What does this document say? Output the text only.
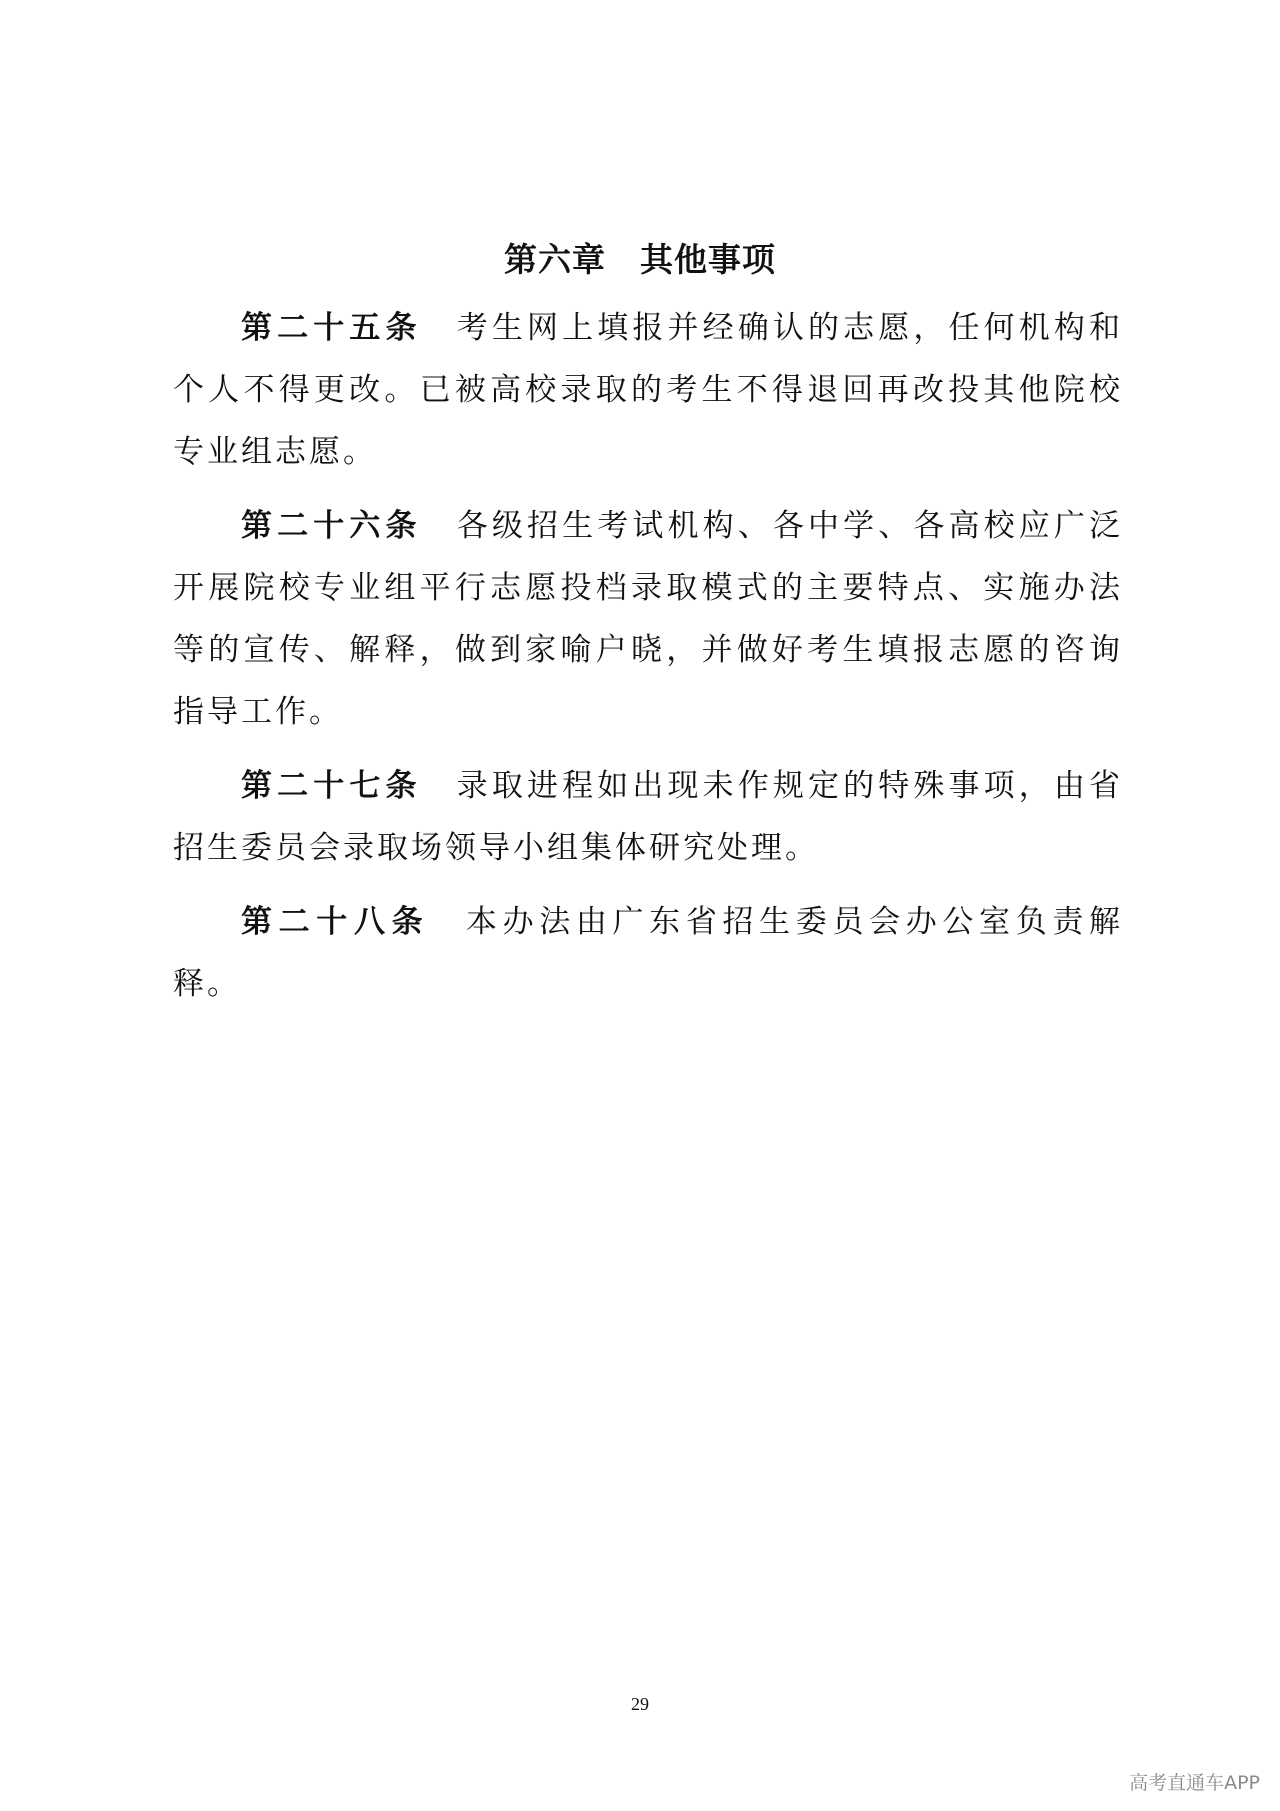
第六章　其他事项

第二十五条 考生网上填报并经确认的志愿，任何机构和个人不得更改。已被高校录取的考生不得退回再改投其他院校专业组志愿。

第二十六条 各级招生考试机构、各中学、各高校应广泛开展院校专业组平行志愿投档录取模式的主要特点、实施办法等的宣传、解释，做到家喻户晓，并做好考生填报志愿的咨询指导工作。

第二十七条 录取进程如出现未作规定的特殊事项，由省招生委员会录取场领导小组集体研究处理。

第二十八条 本办法由广东省招生委员会办公室负责解释。

29
高考直通车APP
